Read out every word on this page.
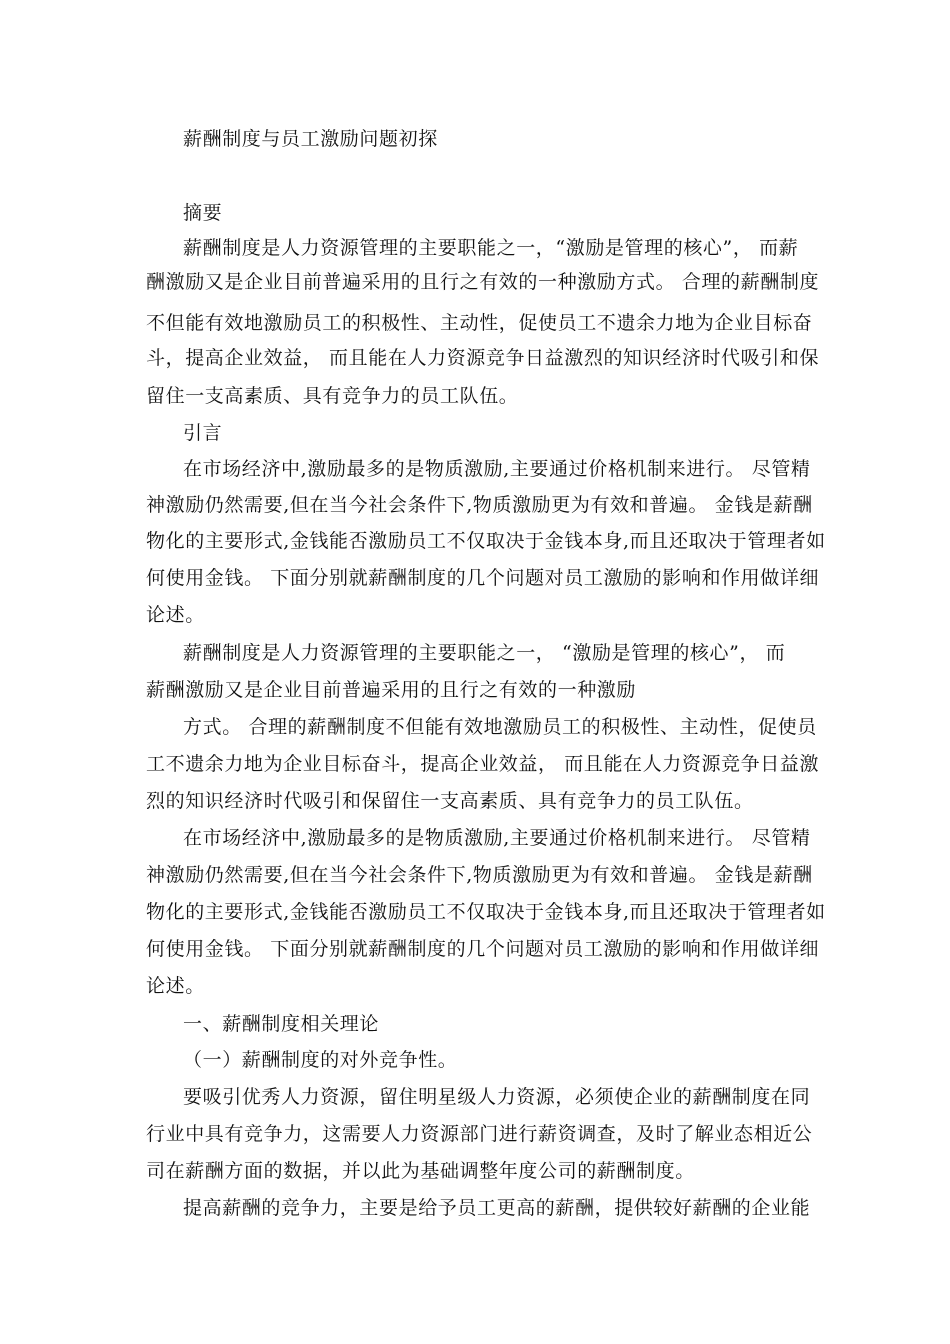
薪酬制度与员工激励问题初探
摘要
薪酬制度是人力资源管理的主要职能之一，“激励是管理的核心”， 而薪
酬激励又是企业目前普遍采用的且行之有效的一种激励方式。 合理的薪酬制度
不但能有效地激励员工的积极性、主动性，促使员工不遗余力地为企业目标奋
斗，提高企业效益， 而且能在人力资源竞争日益激烈的知识经济时代吸引和保
留住一支高素质、具有竞争力的员工队伍。
引言
在市场经济中,激励最多的是物质激励,主要通过价格机制来进行。 尽管精
神激励仍然需要,但在当今社会条件下,物质激励更为有效和普遍。 金钱是薪酬
物化的主要形式,金钱能否激励员工不仅取决于金钱本身,而且还取决于管理者如
何使用金钱。 下面分别就薪酬制度的几个问题对员工激励的影响和作用做详细
论述。
薪酬制度是人力资源管理的主要职能之一， “激励是管理的核心”， 而
薪酬激励又是企业目前普遍采用的且行之有效的一种激励
方式。 合理的薪酬制度不但能有效地激励员工的积极性、主动性，促使员
工不遗余力地为企业目标奋斗，提高企业效益， 而且能在人力资源竞争日益激
烈的知识经济时代吸引和保留住一支高素质、具有竞争力的员工队伍。
在市场经济中,激励最多的是物质激励,主要通过价格机制来进行。 尽管精
神激励仍然需要,但在当今社会条件下,物质激励更为有效和普遍。 金钱是薪酬
物化的主要形式,金钱能否激励员工不仅取决于金钱本身,而且还取决于管理者如
何使用金钱。 下面分别就薪酬制度的几个问题对员工激励的影响和作用做详细
论述。
一、薪酬制度相关理论
（一）薪酬制度的对外竞争性。
要吸引优秀人力资源，留住明星级人力资源，必须使企业的薪酬制度在同
行业中具有竞争力，这需要人力资源部门进行薪资调查，及时了解业态相近公
司在薪酬方面的数据，并以此为基础调整年度公司的薪酬制度。
提高薪酬的竞争力，主要是给予员工更高的薪酬，提供较好薪酬的企业能
